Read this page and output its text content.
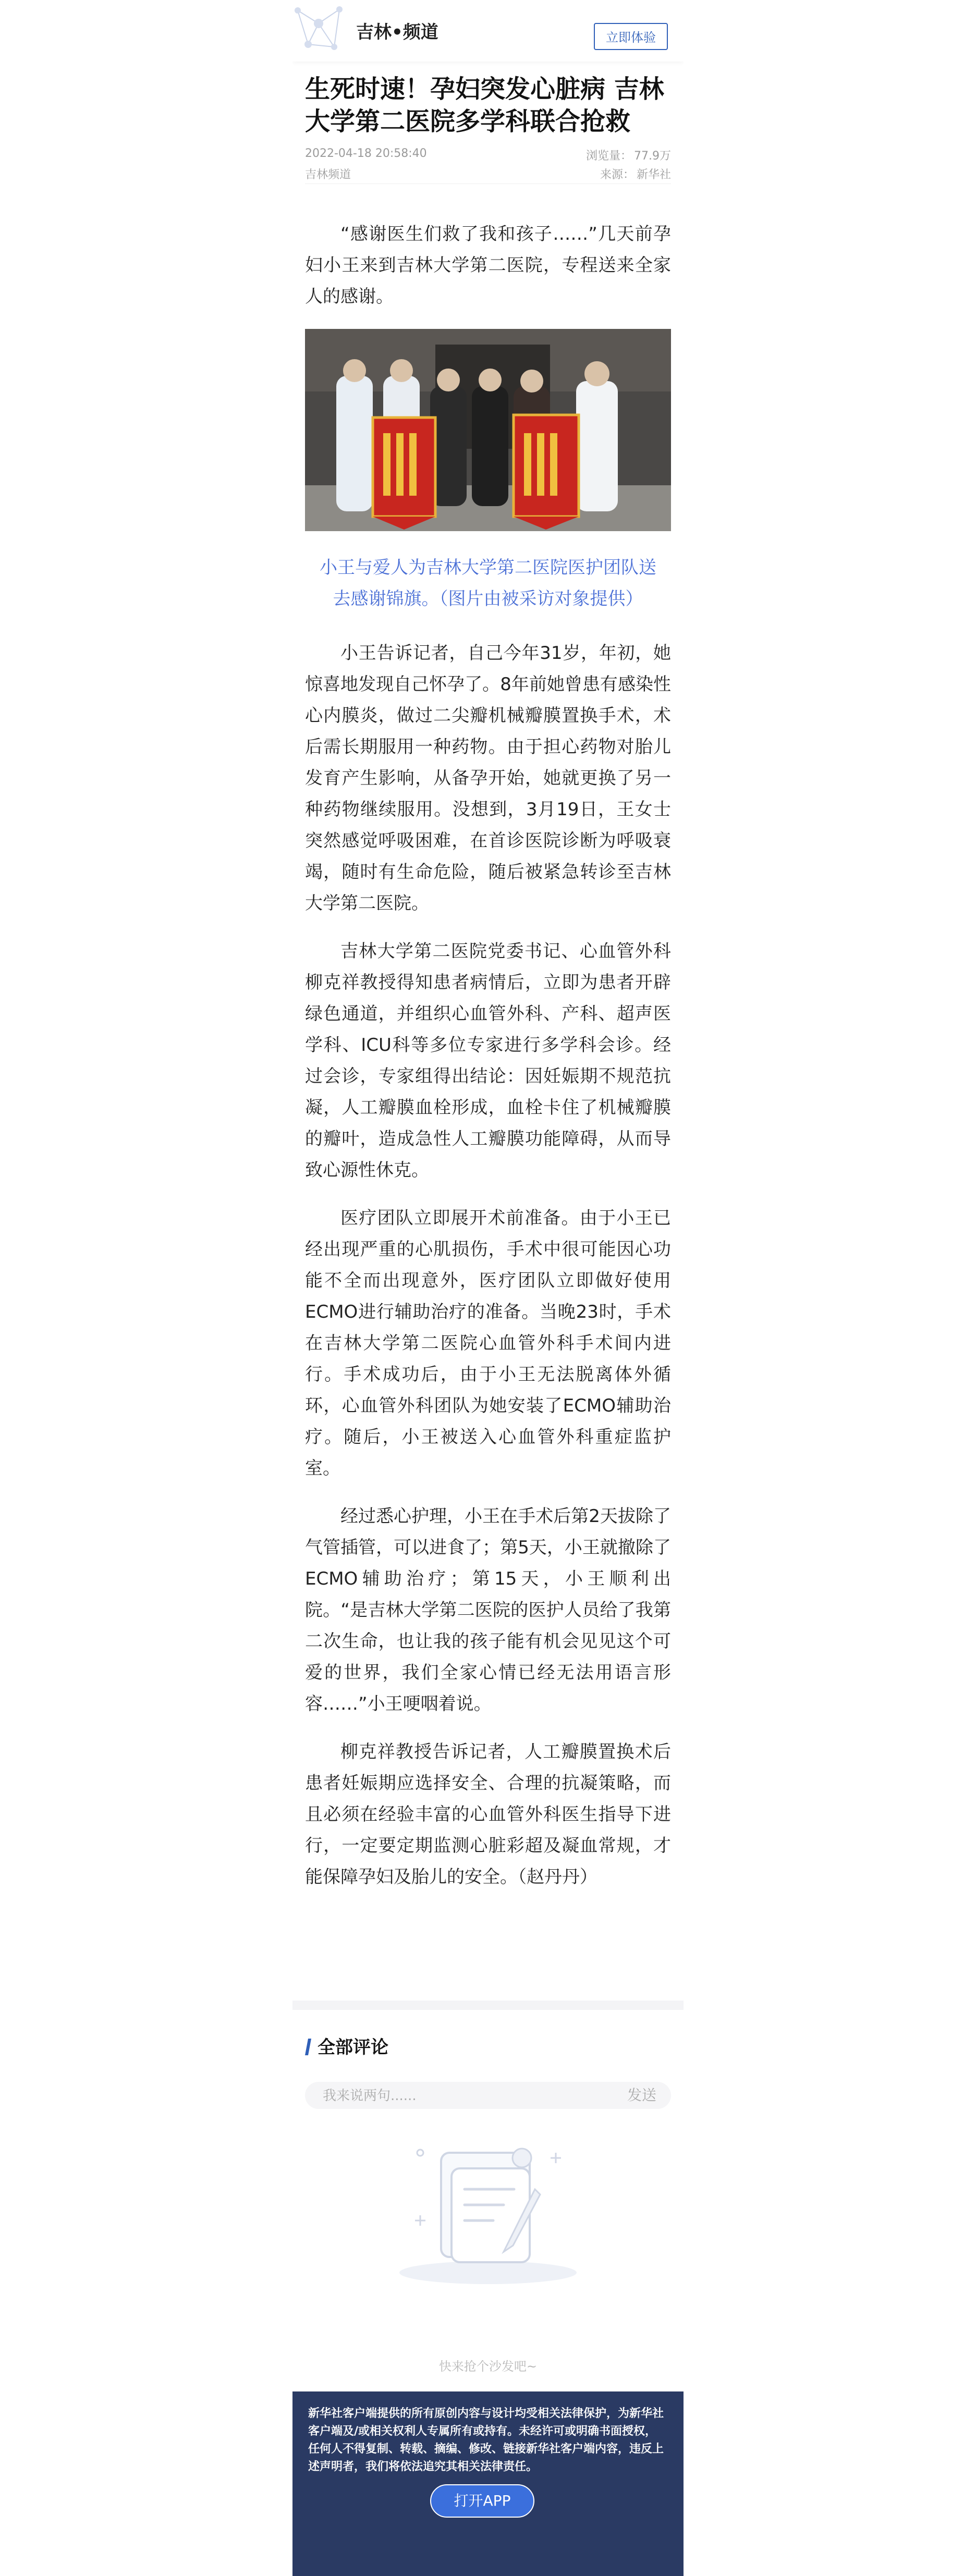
吉林•频道	立即体验
生死时速！孕妇突发心脏病 吉林大学第二医院多学科联合抢救
2022-04-18 20:58:40	浏览量： 77.9万
吉林频道	来源： 新华社

“感谢医生们救了我和孩子……”几天前孕妇小王来到吉林大学第二医院，专程送来全家人的感谢。

小王与爱人为吉林大学第二医院医护团队送去感谢锦旗。（图片由被采访对象提供）

小王告诉记者，自己今年31岁，年初，她惊喜地发现自己怀孕了。8年前她曾患有感染性心内膜炎，做过二尖瓣机械瓣膜置换手术，术后需长期服用一种药物。由于担心药物对胎儿发育产生影响，从备孕开始，她就更换了另一种药物继续服用。没想到，3月19日，王女士突然感觉呼吸困难，在首诊医院诊断为呼吸衰竭，随时有生命危险，随后被紧急转诊至吉林大学第二医院。

吉林大学第二医院党委书记、心血管外科柳克祥教授得知患者病情后，立即为患者开辟绿色通道，并组织心血管外科、产科、超声医学科、ICU科等多位专家进行多学科会诊。经过会诊，专家组得出结论：因妊娠期不规范抗凝，人工瓣膜血栓形成，血栓卡住了机械瓣膜的瓣叶，造成急性人工瓣膜功能障碍，从而导致心源性休克。

医疗团队立即展开术前准备。由于小王已经出现严重的心肌损伤，手术中很可能因心功能不全而出现意外，医疗团队立即做好使用ECMO进行辅助治疗的准备。当晚23时，手术在吉林大学第二医院心血管外科手术间内进行。手术成功后，由于小王无法脱离体外循环，心血管外科团队为她安装了ECMO辅助治疗。随后，小王被送入心血管外科重症监护室。

经过悉心护理，小王在手术后第2天拔除了气管插管，可以进食了；第5天，小王就撤除了ECMO辅助治疗；第15天，小王顺利出院。“是吉林大学第二医院的医护人员给了我第二次生命，也让我的孩子能有机会见见这个可爱的世界，我们全家心情已经无法用语言形容……”小王哽咽着说。

柳克祥教授告诉记者，人工瓣膜置换术后患者妊娠期应选择安全、合理的抗凝策略，而且必须在经验丰富的心血管外科医生指导下进行，一定要定期监测心脏彩超及凝血常规，才能保障孕妇及胎儿的安全。（赵丹丹）

全部评论
我来说两句......
发送
快来抢个沙发吧~
新华社客户端提供的所有原创内容与设计均受相关法律保护，为新华社客户端及/或相关权利人专属所有或持有。未经许可或明确书面授权，任何人不得复制、转载、摘编、修改、链接新华社客户端内容，违反上述声明者，我们将依法追究其相关法律责任。
打开APP
